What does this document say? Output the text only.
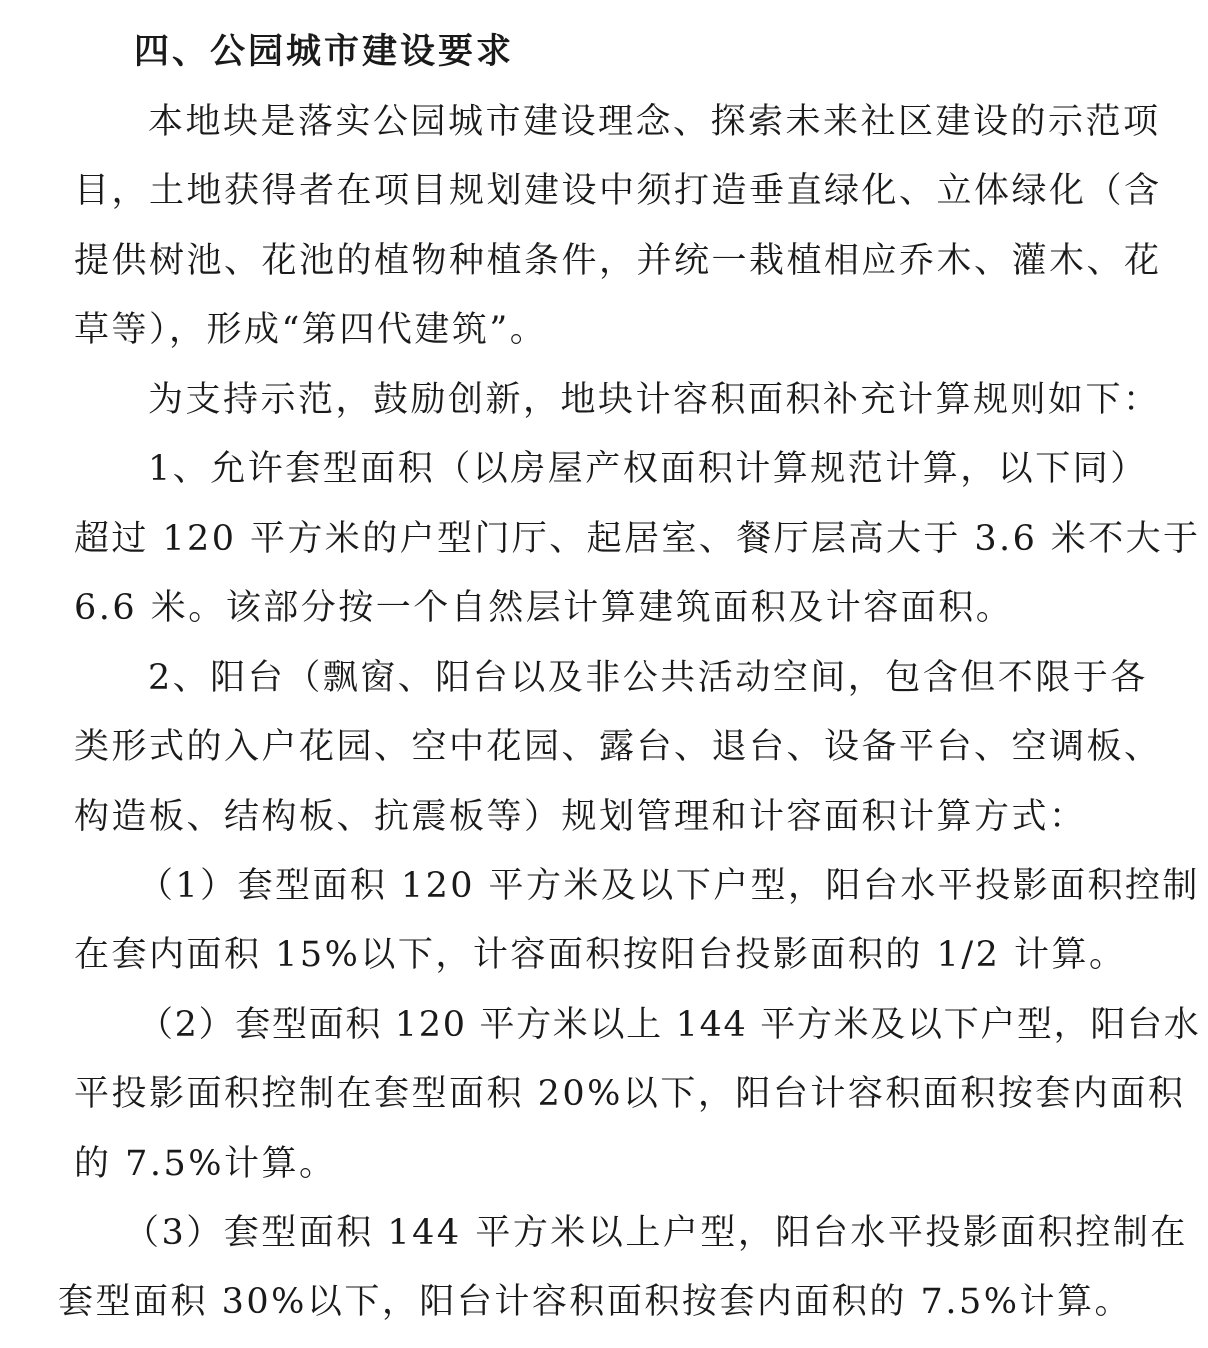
四、公园城市建设要求
本地块是落实公园城市建设理念、探索未来社区建设的示范项
目，土地获得者在项目规划建设中须打造垂直绿化、立体绿化（含
提供树池、花池的植物种植条件，并统一栽植相应乔木、灌木、花
草等），形成“第四代建筑”。
为支持示范，鼓励创新，地块计容积面积补充计算规则如下：
1、允许套型面积（以房屋产权面积计算规范计算，以下同）
超过 120 平方米的户型门厅、起居室、餐厅层高大于 3.6 米不大于
6.6 米。该部分按一个自然层计算建筑面积及计容面积。
2、阳台（飘窗、阳台以及非公共活动空间，包含但不限于各
类形式的入户花园、空中花园、露台、退台、设备平台、空调板、
构造板、结构板、抗震板等）规划管理和计容面积计算方式：
（1）套型面积 120 平方米及以下户型，阳台水平投影面积控制
在套内面积 15%以下，计容面积按阳台投影面积的 1/2 计算。
（2）套型面积 120 平方米以上 144 平方米及以下户型，阳台水
平投影面积控制在套型面积 20%以下，阳台计容积面积按套内面积
的 7.5%计算。
（3）套型面积 144 平方米以上户型，阳台水平投影面积控制在
套型面积 30%以下，阳台计容积面积按套内面积的 7.5%计算。
